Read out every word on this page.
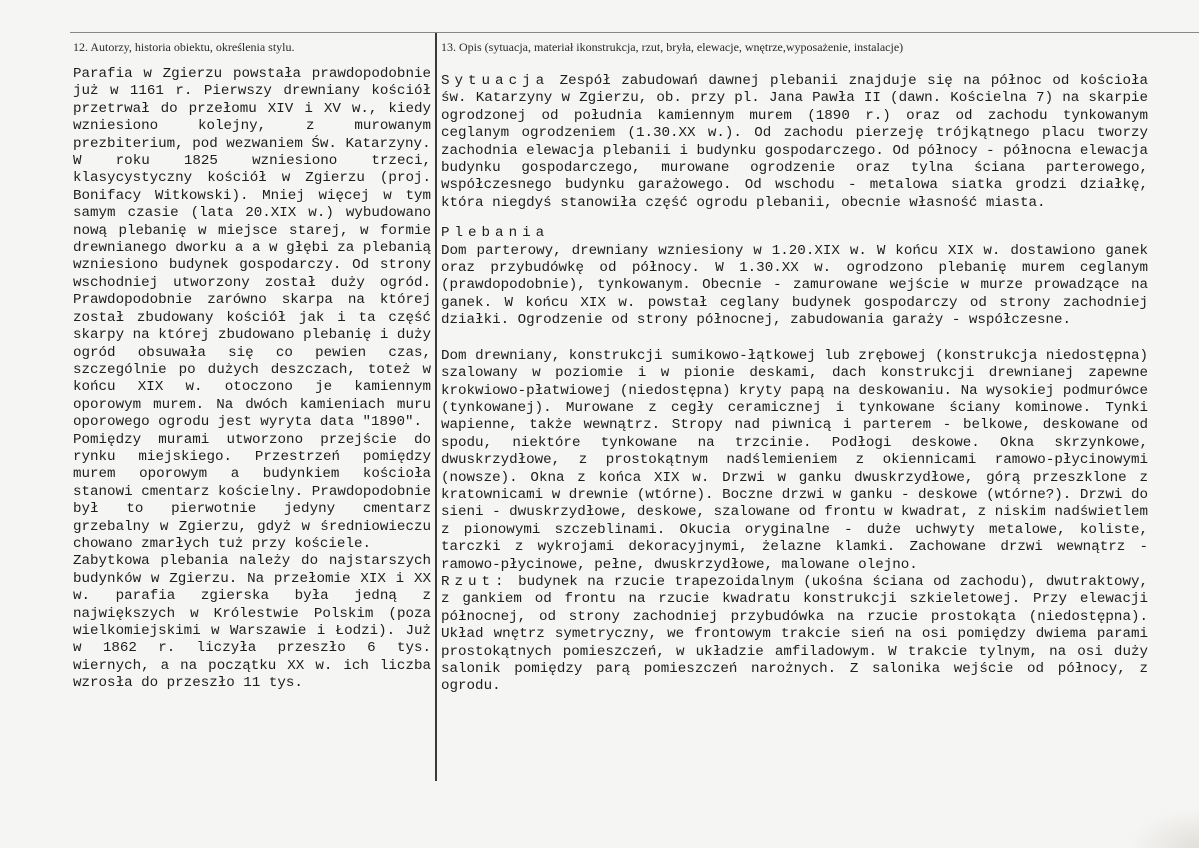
12. Autorzy, historia obiektu, określenia stylu.	13. Opis (sytuacja, materiał ikonstrukcja, rzut, bryła, elewacje, wnętrze,wyposażenie, instalacje)

Parafia w Zgierzu powstała prawdopodobnie już w 1161 r. Pierwszy drewniany kościół przetrwał do przełomu XIV i XV w., kiedy wzniesiono kolejny, z murowanym prezbiterium, pod wezwaniem Św. Katarzyny.

W roku 1825 wzniesiono trzeci, klasycystyczny kościół w Zgierzu (proj. Bonifacy Witkowski). Mniej więcej w tym samym czasie (lata 20.XIX w.) wybudowano nową plebanię w miejsce starej, w formie drewnianego dworku a a w głębi za plebanią wzniesiono budynek gospodarczy. Od strony wschodniej utworzony został duży ogród. Prawdopodobnie zarówno skarpa na której został zbudowany kościół jak i ta część skarpy na której zbudowano plebanię i duży ogród obsuwała się co pewien czas, szczególnie po dużych deszczach, toteż w końcu XIX w. otoczono je kamiennym oporowym murem. Na dwóch kamieniach muru oporowego ogrodu jest wyryta data "1890".

Pomiędzy murami utworzono przejście do rynku miejskiego. Przestrzeń pomiędzy murem oporowym a budynkiem kościoła stanowi cmentarz kościelny. Prawdopodobnie był to pierwotnie jedyny cmentarz grzebalny w Zgierzu, gdyż w średniowieczu chowano zmarłych tuż przy kościele.

Zabytkowa plebania należy do najstarszych budynków w Zgierzu. Na przełomie XIX i XX w. parafia zgierska była jedną z największych w Królestwie Polskim (poza wielkomiejskimi w Warszawie i Łodzi). Już w 1862 r. liczyła przeszło 6 tys. wiernych, a na początku XX w. ich liczba wzrosła do przeszło 11 tys.

Sytuacja Zespół zabudowań dawnej plebanii znajduje się na północ od kościoła św. Katarzyny w Zgierzu, ob. przy pl. Jana Pawła II (dawn. Kościelna 7) na skarpie ogrodzonej od południa kamiennym murem (1890 r.) oraz od zachodu tynkowanym ceglanym ogrodzeniem (1.30.XX w.). Od zachodu pierzeję trójkątnego placu tworzy zachodnia elewacja plebanii i budynku gospodarczego. Od północy - północna elewacja budynku gospodarczego, murowane ogrodzenie oraz tylna ściana parterowego, współczesnego budynku garażowego. Od wschodu - metalowa siatka grodzi działkę, która niegdyś stanowiła część ogrodu plebanii, obecnie własność miasta.

Plebania

Dom parterowy, drewniany wzniesiony w 1.20.XIX w. W końcu XIX w. dostawiono ganek oraz przybudówkę od północy. W 1.30.XX w. ogrodzono plebanię murem ceglanym (prawdopodobnie), tynkowanym. Obecnie - zamurowane wejście w murze prowadzące na ganek. W końcu XIX w. powstał ceglany budynek gospodarczy od strony zachodniej działki. Ogrodzenie od strony północnej, zabudowania garaży - współczesne.

Dom drewniany, konstrukcji sumikowo-łątkowej lub zrębowej (konstrukcja niedostępna) szalowany w poziomie i w pionie deskami, dach konstrukcji drewnianej zapewne krokwiowo-płatwiowej (niedostępna) kryty papą na deskowaniu. Na wysokiej podmurówce (tynkowanej). Murowane z cegły ceramicznej i tynkowane ściany kominowe. Tynki wapienne, także wewnątrz. Stropy nad piwnicą i parterem - belkowe, deskowane od spodu, niektóre tynkowane na trzcinie. Podłogi deskowe. Okna skrzynkowe, dwuskrzydłowe, z prostokątnym nadślemieniem z okiennicami ramowo-płycinowymi (nowsze). Okna z końca XIX w. Drzwi w ganku dwuskrzydłowe, górą przeszklone z kratownicami w drewnie (wtórne). Boczne drzwi w ganku - deskowe (wtórne?). Drzwi do sieni - dwuskrzydłowe, deskowe, szalowane od frontu w kwadrat, z niskim nadświetlem z pionowymi szczeblinami. Okucia oryginalne - duże uchwyty metalowe, koliste, tarczki z wykrojami dekoracyjnymi, żelazne klamki. Zachowane drzwi wewnątrz - ramowo-płycinowe, pełne, dwuskrzydłowe, malowane olejno.

Rzut: budynek na rzucie trapezoidalnym (ukośna ściana od zachodu), dwutraktowy, z gankiem od frontu na rzucie kwadratu konstrukcji szkieletowej. Przy elewacji północnej, od strony zachodniej przybudówka na rzucie prostokąta (niedostępna). Układ wnętrz symetryczny, we frontowym trakcie sień na osi pomiędzy dwiema parami prostokątnych pomieszczeń, w układzie amfiladowym. W trakcie tylnym, na osi duży salonik pomiędzy parą pomieszczeń narożnych. Z salonika wejście od północy, z ogrodu.
